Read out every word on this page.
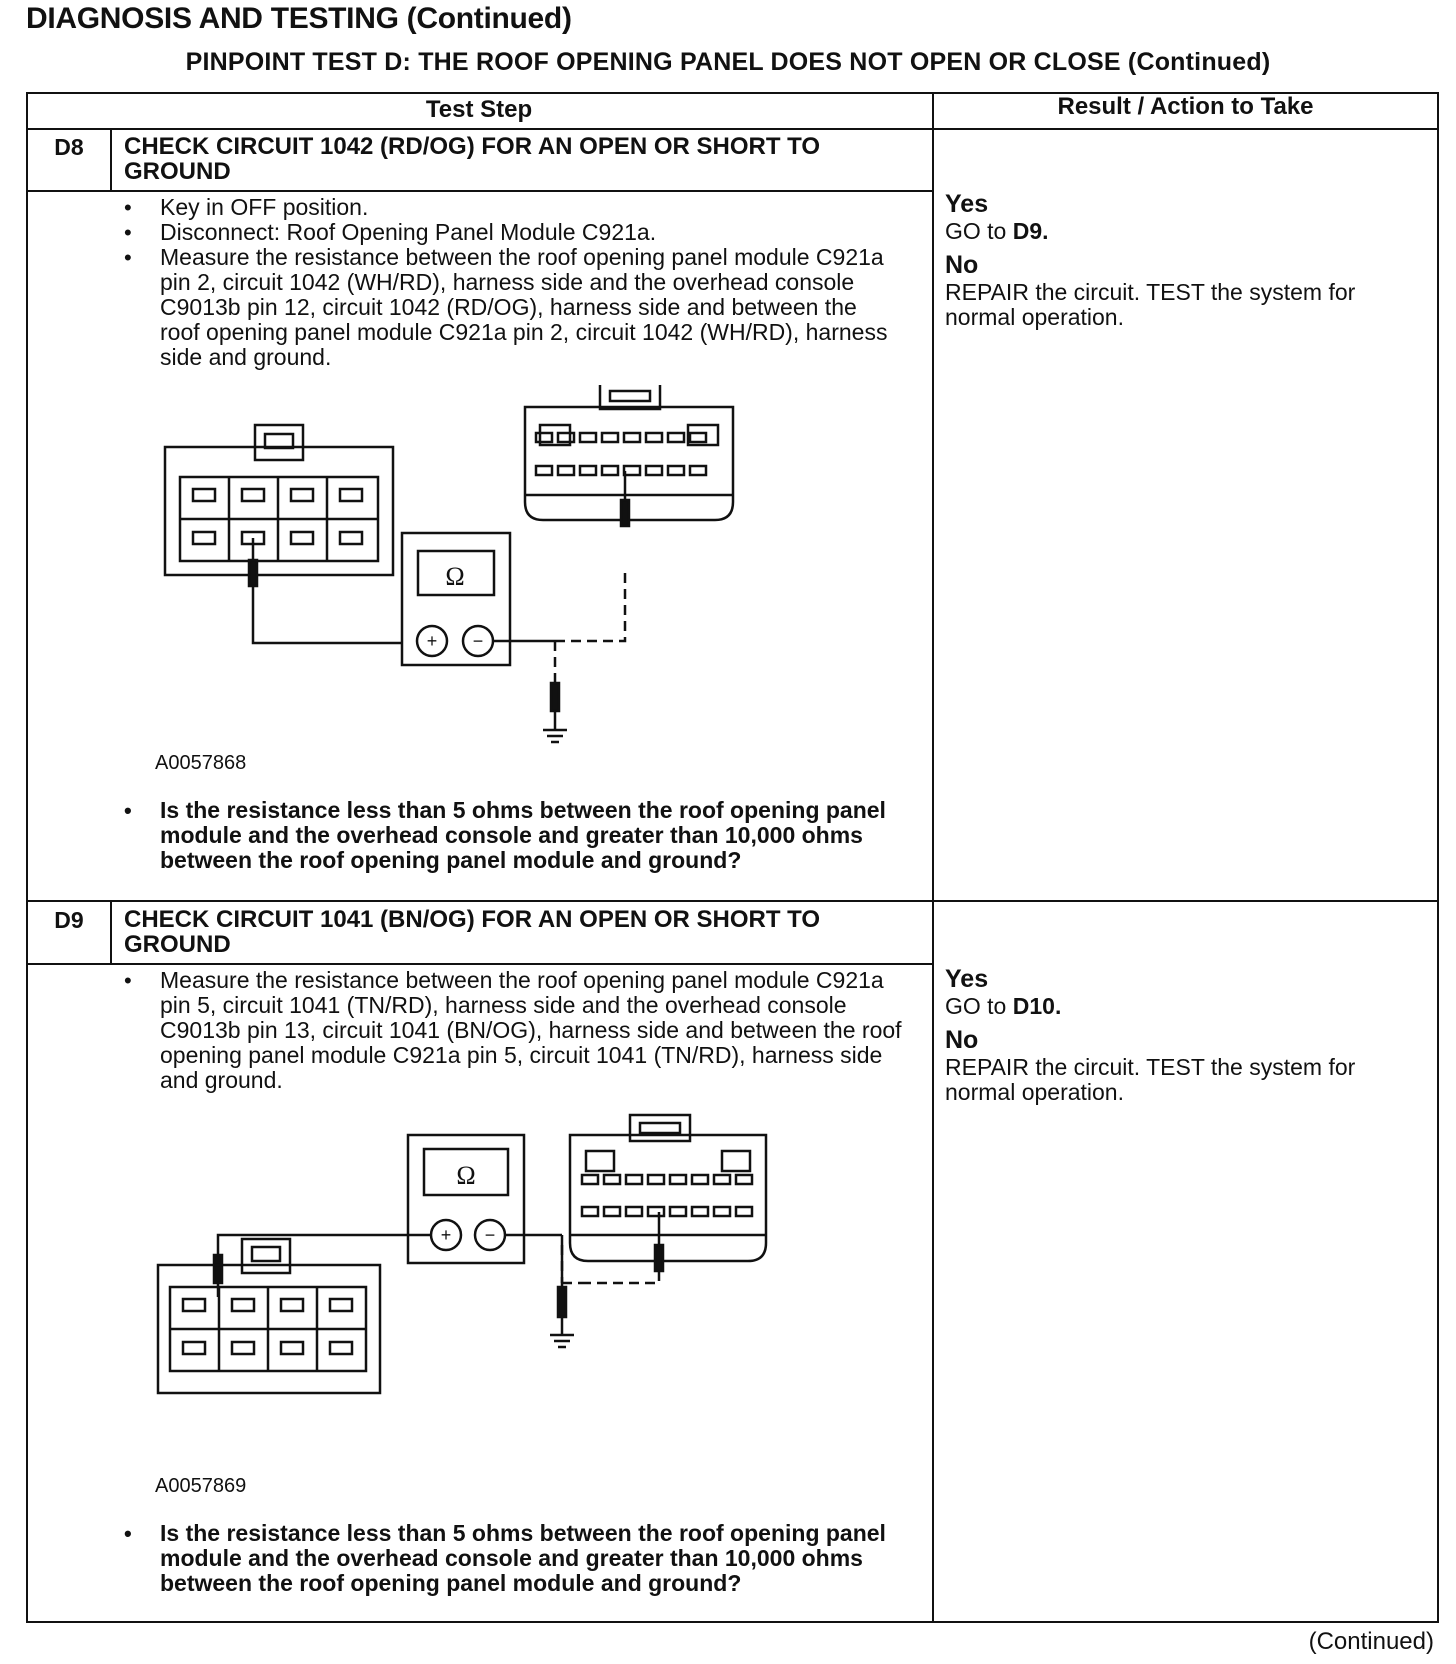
DIAGNOSIS AND TESTING (Continued)
PINPOINT TEST D: THE ROOF OPENING PANEL DOES NOT OPEN OR CLOSE (Continued)
Test Step	Result / Action to Take
D8	CHECK CIRCUIT 1042 (RD/OG) FOR AN OPEN OR SHORT TO GROUND
• Key in OFF position.
• Disconnect: Roof Opening Panel Module C921a.
• Measure the resistance between the roof opening panel module C921a pin 2, circuit 1042 (WH/RD), harness side and the overhead console C9013b pin 12, circuit 1042 (RD/OG), harness side and between the roof opening panel module C921a pin 2, circuit 1042 (WH/RD), harness side and ground.
Ω
+ −
A0057868
• Is the resistance less than 5 ohms between the roof opening panel module and the overhead console and greater than 10,000 ohms between the roof opening panel module and ground?
Yes
GO to D9.
No
REPAIR the circuit. TEST the system for normal operation.
D9	CHECK CIRCUIT 1041 (BN/OG) FOR AN OPEN OR SHORT TO GROUND
• Measure the resistance between the roof opening panel module C921a pin 5, circuit 1041 (TN/RD), harness side and the overhead console C9013b pin 13, circuit 1041 (BN/OG), harness side and between the roof opening panel module C921a pin 5, circuit 1041 (TN/RD), harness side and ground.
Ω
+ −
A0057869
• Is the resistance less than 5 ohms between the roof opening panel module and the overhead console and greater than 10,000 ohms between the roof opening panel module and ground?
Yes
GO to D10.
No
REPAIR the circuit. TEST the system for normal operation.
(Continued)
